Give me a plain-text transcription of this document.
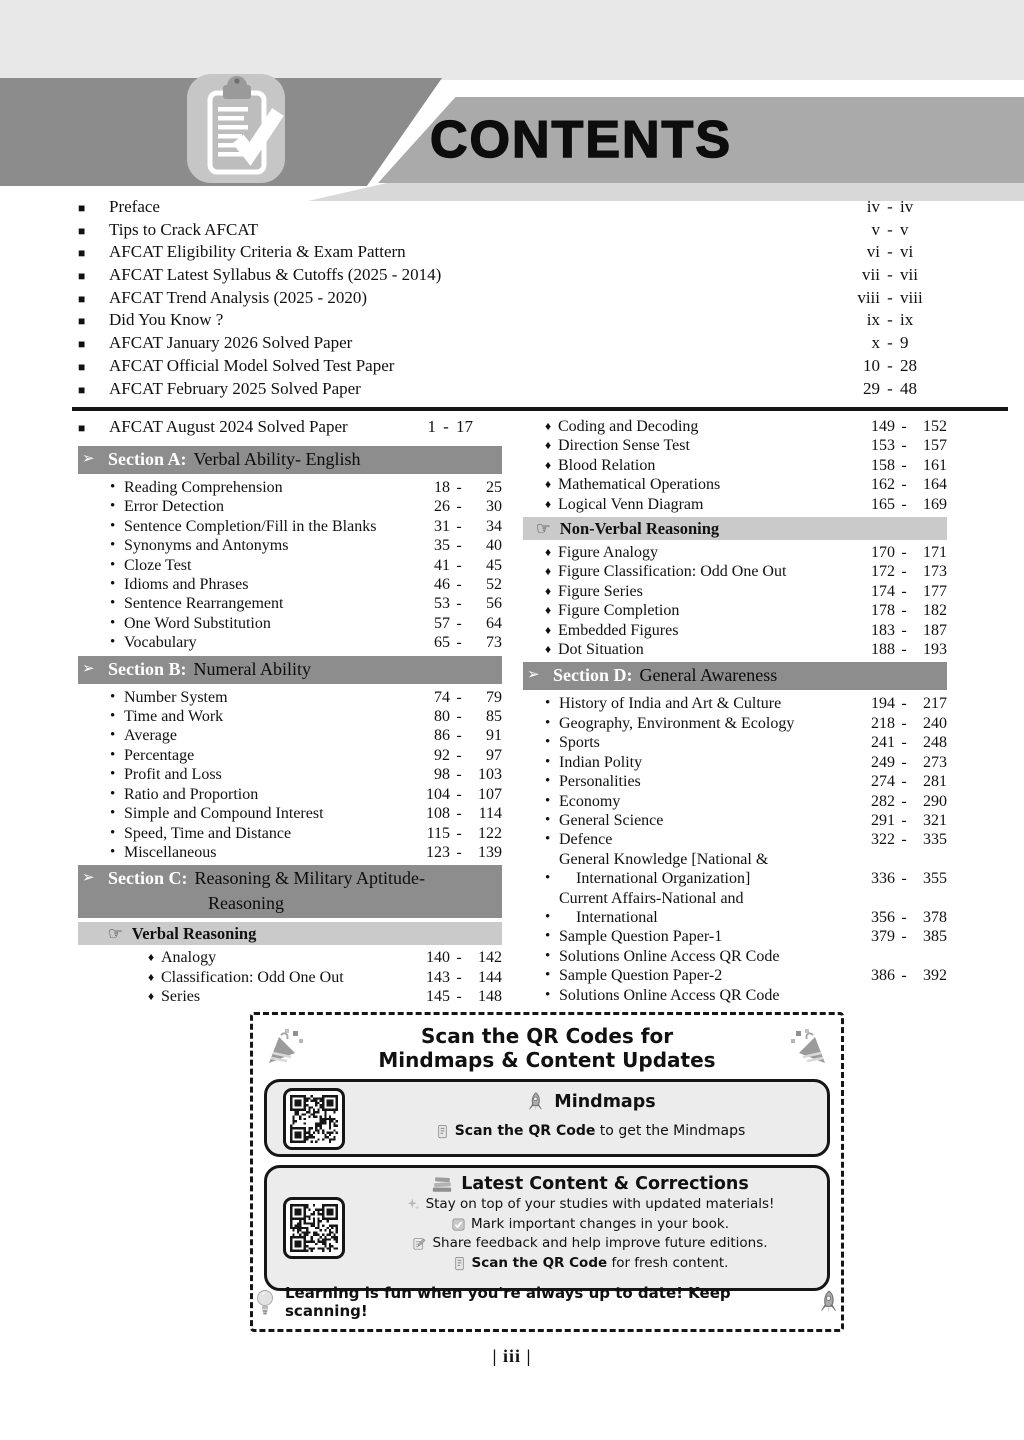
CONTENTS
■	Preface	iv - iv
■	Tips to Crack AFCAT	v - v
■	AFCAT Eligibility Criteria & Exam Pattern	vi - vi
■	AFCAT Latest Syllabus & Cutoffs (2025 - 2014)	vii - vii
■	AFCAT Trend Analysis (2025 - 2020)	viii - viii
■	Did You Know ?	ix - ix
■	AFCAT January 2026 Solved Paper	x - 9
■	AFCAT Official Model Solved Test Paper	10 - 28
■	AFCAT February 2025 Solved Paper	29 - 48
■	AFCAT August 2024 Solved Paper	1 - 17
➢ Section A: Verbal Ability- English
• Reading Comprehension	18 -	25
• Error Detection	26 -	30
• Sentence Completion/Fill in the Blanks	31 -	34
• Synonyms and Antonyms	35 -	40
• Cloze Test	41 -	45
• Idioms and Phrases	46 -	52
• Sentence Rearrangement	53 -	56
• One Word Substitution	57 -	64
• Vocabulary	65 -	73
➢ Section B: Numeral Ability
• Number System	74 -	79
• Time and Work	80 -	85
• Average	86 -	91
• Percentage	92 -	97
• Profit and Loss	98 -	103
• Ratio and Proportion	104 -	107
• Simple and Compound Interest	108 -	114
• Speed, Time and Distance	115 -	122
• Miscellaneous	123 -	139
➢ Section C: Reasoning & Military Aptitude-
Reasoning
☞ Verbal Reasoning
♦ Analogy	140 -	142
♦ Classification: Odd One Out	143 -	144
♦ Series	145 -	148
♦ Coding and Decoding	149 -	152
♦ Direction Sense Test	153 -	157
♦ Blood Relation	158 -	161
♦ Mathematical Operations	162 -	164
♦ Logical Venn Diagram	165 -	169
☞ Non-Verbal Reasoning
♦ Figure Analogy	170 -	171
♦ Figure Classification: Odd One Out	172 -	173
♦ Figure Series	174 -	177
♦ Figure Completion	178 -	182
♦ Embedded Figures	183 -	187
♦ Dot Situation	188 -	193
➢ Section D: General Awareness
• History of India and Art & Culture	194 -	217
• Geography, Environment & Ecology	218 -	240
• Sports	241 -	248
• Indian Polity	249 -	273
• Personalities	274 -	281
• Economy	282 -	290
• General Science	291 -	321
• Defence	322 -	335
•
General Knowledge [National &
International Organization]	336 -	355
•
Current Affairs-National and
International	356 -	378
• Sample Question Paper-1	379 -	385
• Solutions Online Access QR Code
• Sample Question Paper-2	386 -	392
• Solutions Online Access QR Code
Scan the QR Codes for
Mindmaps & Content Updates
Mindmaps
Scan the QR Code to get the Mindmaps
Latest Content & Corrections
Stay on top of your studies with updated materials!
Mark important changes in your book.
Share feedback and help improve future editions.
Scan the QR Code for fresh content.
Learning is fun when you're always up to date! Keep scanning!
| iii |
